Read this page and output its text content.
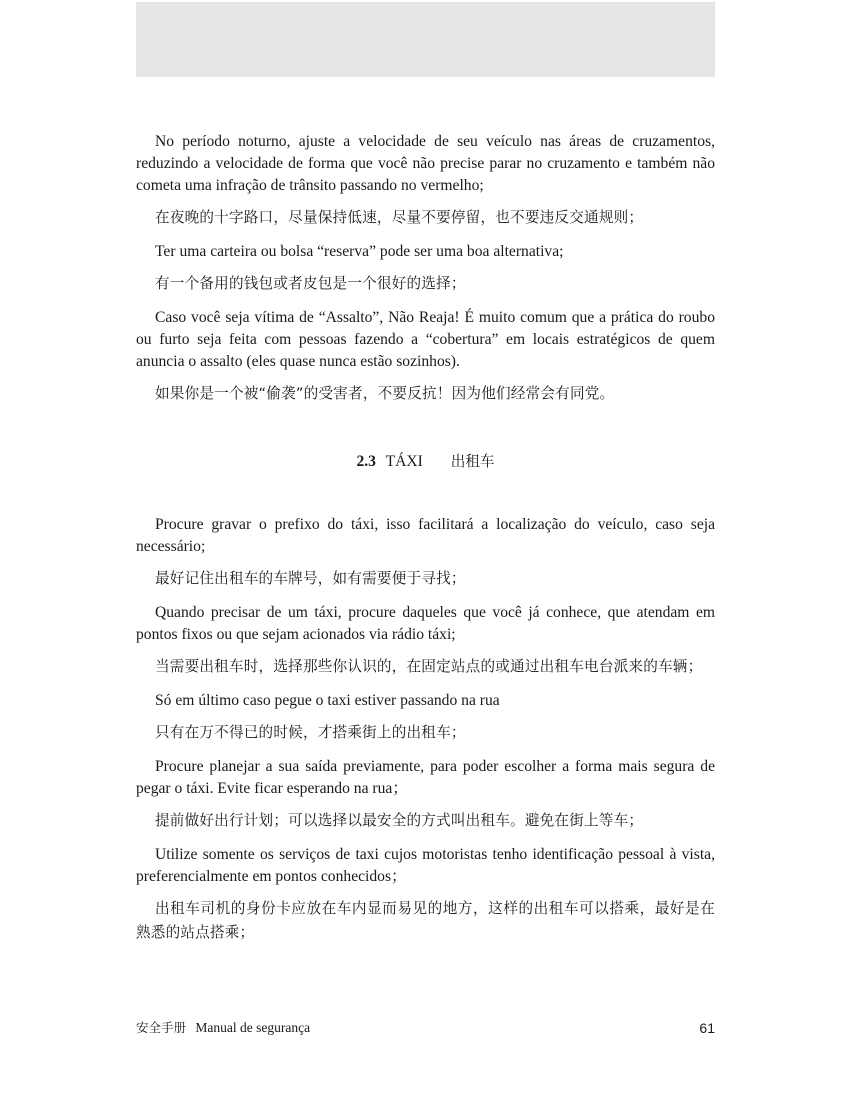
No período noturno, ajuste a velocidade de seu veículo nas áreas de cruzamentos, reduzindo a velocidade de forma que você não precise parar no cruzamento e também não cometa uma infração de trânsito passando no vermelho;

在夜晚的十字路口，尽量保持低速，尽量不要停留，也不要违反交通规则；

Ter uma carteira ou bolsa “reserva” pode ser uma boa alternativa;

有一个备用的钱包或者皮包是一个很好的选择；

Caso você seja vítima de “Assalto”, Não Reaja! É muito comum que a prática do roubo ou furto seja feita com pessoas fazendo a “cobertura” em locais estratégicos de quem anuncia o assalto (eles quase nunca estão sozinhos).

如果你是一个被“偷袭”的受害者，不要反抗！因为他们经常会有同党。

2.3 TÁXI 出租车

Procure gravar o prefixo do táxi, isso facilitará a localização do veículo, caso seja necessário;

最好记住出租车的车牌号，如有需要便于寻找；

Quando precisar de um táxi, procure daqueles que você já conhece, que atendam em pontos fixos ou que sejam acionados via rádio táxi;

当需要出租车时，选择那些你认识的，在固定站点的或通过出租车电台派来的车辆；

Só em último caso pegue o taxi estiver passando na rua

只有在万不得已的时候，才搭乘街上的出租车；

Procure planejar a sua saída previamente, para poder escolher a forma mais segura de pegar o táxi. Evite ficar esperando na rua；

提前做好出行计划；可以选择以最安全的方式叫出租车。避免在街上等车；

Utilize somente os serviços de taxi cujos motoristas tenho identificação pessoal à vista, preferencialmente em pontos conhecidos；

出租车司机的身份卡应放在车内显而易见的地方，这样的出租车可以搭乘，最好是在熟悉的站点搭乘；

安全手册 Manual de segurança	61
